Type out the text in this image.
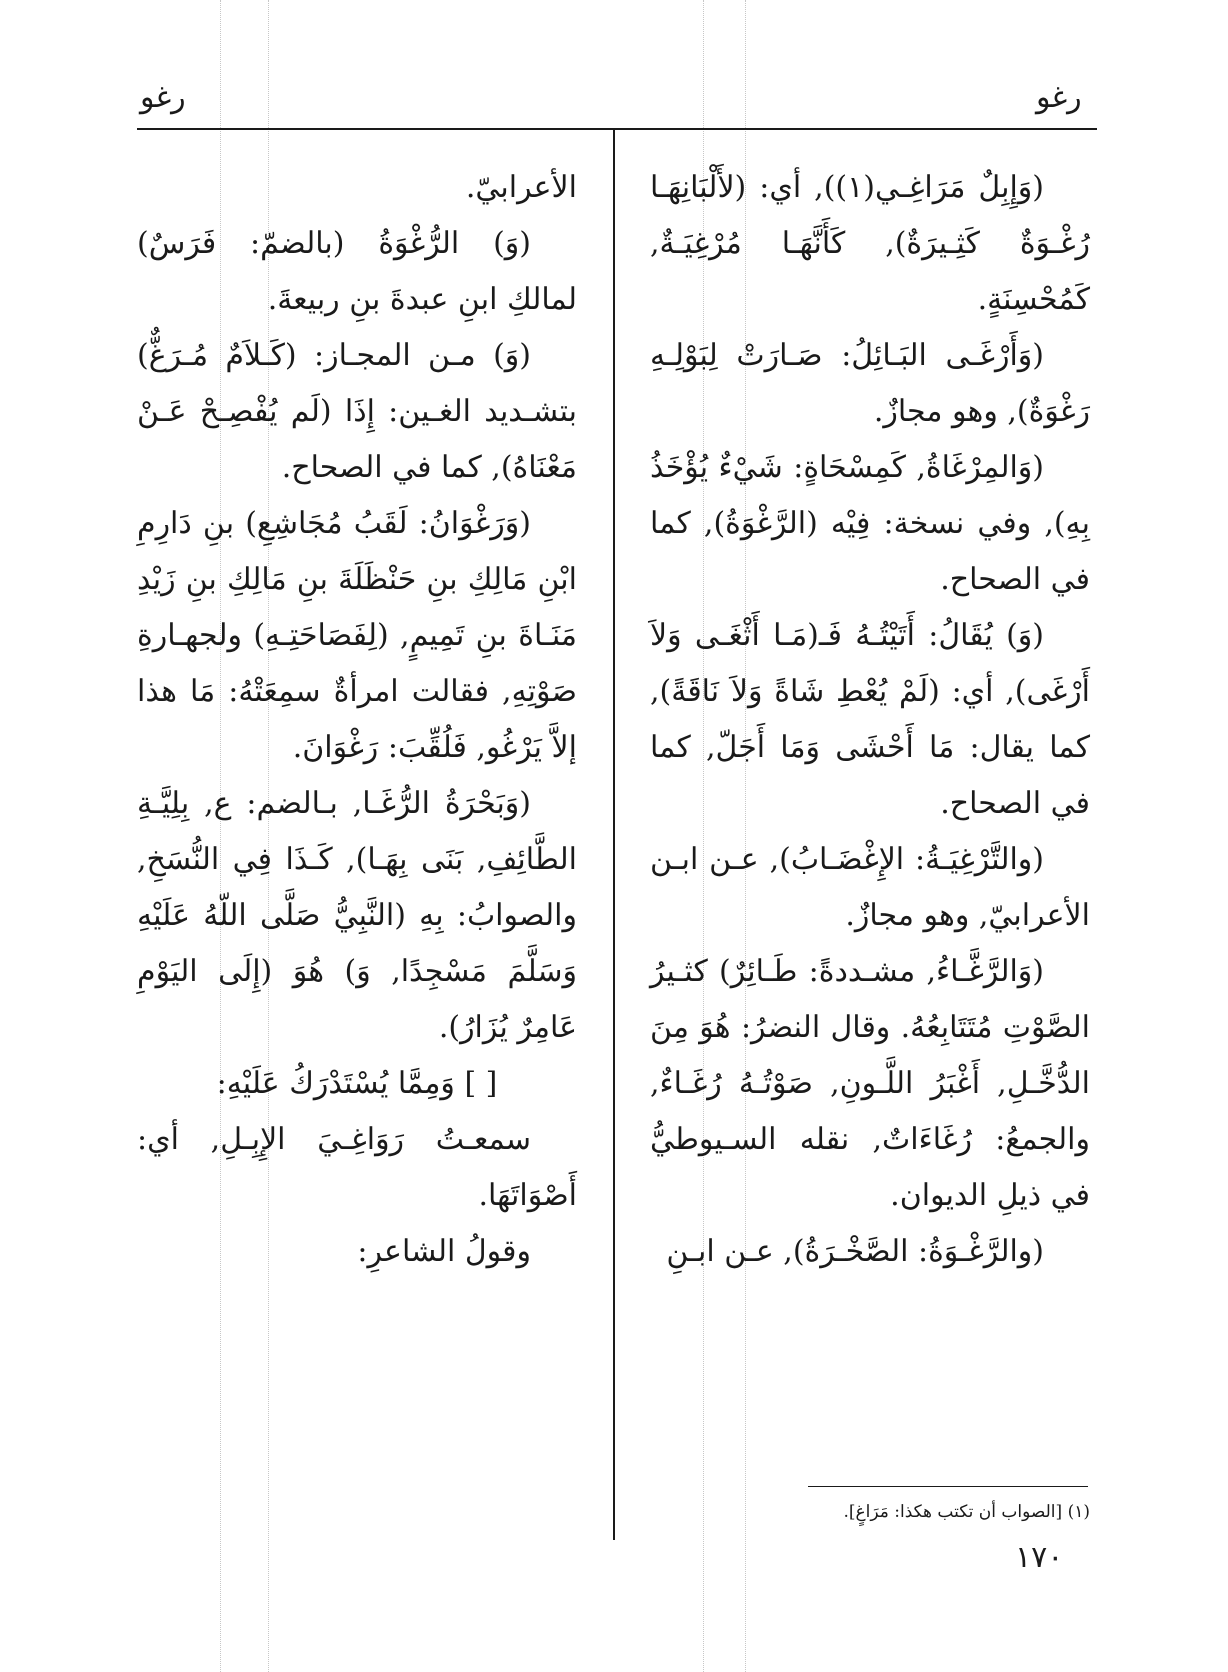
رغو	رغو

(وَإِبِلٌ مَرَاغِـي(١)), أي: (لأَلْبَانِهَـا رُغْـوَةٌ كَثِـيرَةٌ), كَأَنَّهَـا مُرْغِيَـةٌ, كَمُحْسِنَةٍ.

(وَأَرْغَـى البَـائِلُ: صَـارَتْ لِبَوْلِـهِ رَغْوَةٌ), وهو مجازٌ.

(وَالمِرْغَاةُ, كَمِسْحَاةٍ: شَيْءٌ يُؤْخَذُ بِهِ), وفي نسخة: فِيْه (الرَّغْوَةُ), كما في الصحاح.

(وَ) يُقَالُ: أَتَيْتُـهُ فَـ(مَـا أَثْغَـى وَلاَ أَرْغَى), أي: (لَمْ يُعْطِ شَاةً وَلاَ نَاقَةً), كما يقال: مَا أَحْشَى وَمَا أَجَلّ, كما في الصحاح.

(والتَّرْغِيَـةُ: الإِغْضَـابُ), عـن ابـن الأعرابيّ, وهو مجازٌ.

(وَالرَّغَّـاءُ, مشـددةً: طَـائِرٌ) كثـيرُ الصَّوْتِ مُتَتَابِعُهُ. وقال النضرُ: هُوَ مِنَ الدُّخَّـلِ, أَغْبَرُ اللَّـونِ, صَوْتُـهُ رُغَـاءٌ, والجمعُ: رُغَاءَاتٌ, نقله السـيوطيُّ في ذيلِ الديوان.

(والرَّغْـوَةُ: الصَّخْـرَةُ), عـن ابـنِ

الأعرابيّ.

(وَ) الرُّغْوَةُ (بالضمّ: فَرَسٌ) لمالكِ ابنِ عبدةَ بنِ ربيعةَ.

(وَ) مـن المجـاز: (كَـلاَمٌ مُـرَغٌّ) بتشـديد الغـين: إِذَا (لَم يُفْصِـحْ عَـنْ مَعْنَاهُ), كما في الصحاح.

(وَرَغْوَانُ: لَقَبُ مُجَاشِعِ) بنِ دَارِمِ ابْنِ مَالِكِ بنِ حَنْظَلَةَ بنِ مَالِكِ بنِ زَيْدِ مَنَـاةَ بنِ تَمِيمٍ, (لِفَصَاحَتِـهِ) ولجهـارةِ صَوْتِهِ, فقالت امرأةٌ سمِعَتْهُ: مَا هذا إلاَّ يَرْغُو, فَلُقِّبَ: رَغْوَانَ.

(وَبَحْرَةُ الرُّغَـا, بـالضم: ع, بِلِيَّـةِ الطَّائِفِ, بَنَى بِهَـا), كَـذَا فِي النُّسَخِ, والصوابُ: بِهِ (النَّبِيُّ صَلَّى اللّهُ عَلَيْهِ وَسَلَّمَ مَسْجِدًا, وَ) هُوَ (إِلَى اليَوْمِ عَامِرٌ يُزَارُ).

[ ] وَمِمَّا يُسْتَدْرَكُ عَلَيْهِ:

سمعـتُ رَوَاغِـيَ الإِبِـلِ, أي: أَصْوَاتَهَا.

وقولُ الشاعرِ:

(١) [الصواب أن تكتب هكذا: مَرَاغٍ].
١٧٠
